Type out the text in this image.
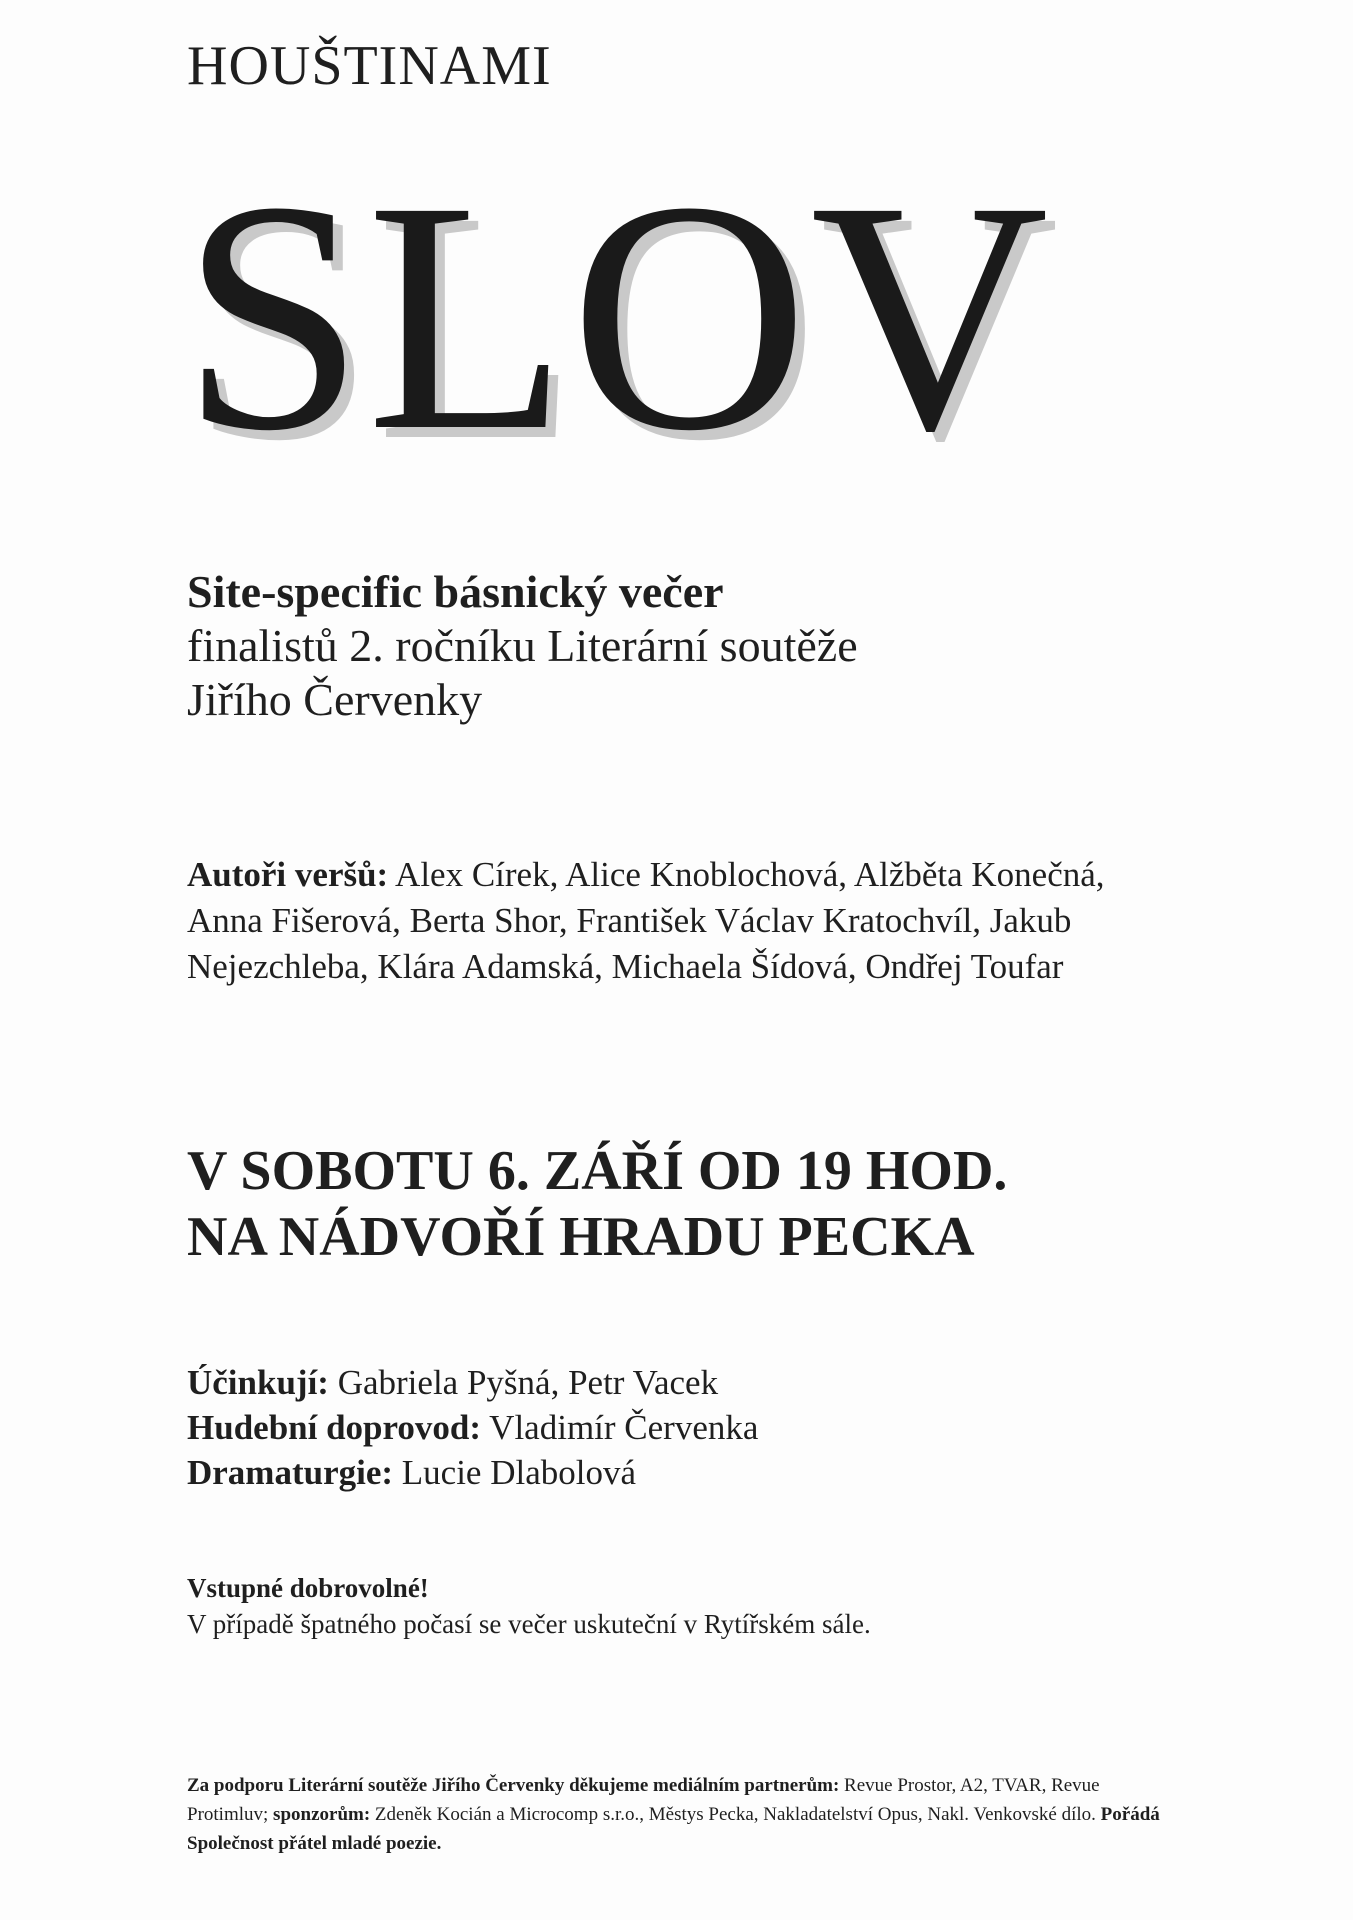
HOUŠTINAMI
SLOV
Site-specific básnický večer
finalistů 2. ročníku Literární soutěže
Jiřího Červenky
Autoři veršů: Alex Círek, Alice Knoblochová, Alžběta Konečná, Anna Fišerová, Berta Shor, František Václav Kratochvíl, Jakub Nejezchleba, Klára Adamská, Michaela Šídová, Ondřej Toufar
V SOBOTU 6. ZÁŘÍ OD 19 HOD.
NA NÁDVOŘÍ HRADU PECKA
Účinkují: Gabriela Pyšná, Petr Vacek
Hudební doprovod: Vladimír Červenka
Dramaturgie: Lucie Dlabolová
Vstupné dobrovolné!
V případě špatného počasí se večer uskuteční v Rytířském sále.
Za podporu Literární soutěže Jiřího Červenky děkujeme mediálním partnerům: Revue Prostor, A2, TVAR, Revue Protimluv; sponzorům: Zdeněk Kocián a Microcomp s.r.o., Městys Pecka, Nakladatelství Opus, Nakl. Venkovské dílo. Pořádá Společnost přátel mladé poezie.
